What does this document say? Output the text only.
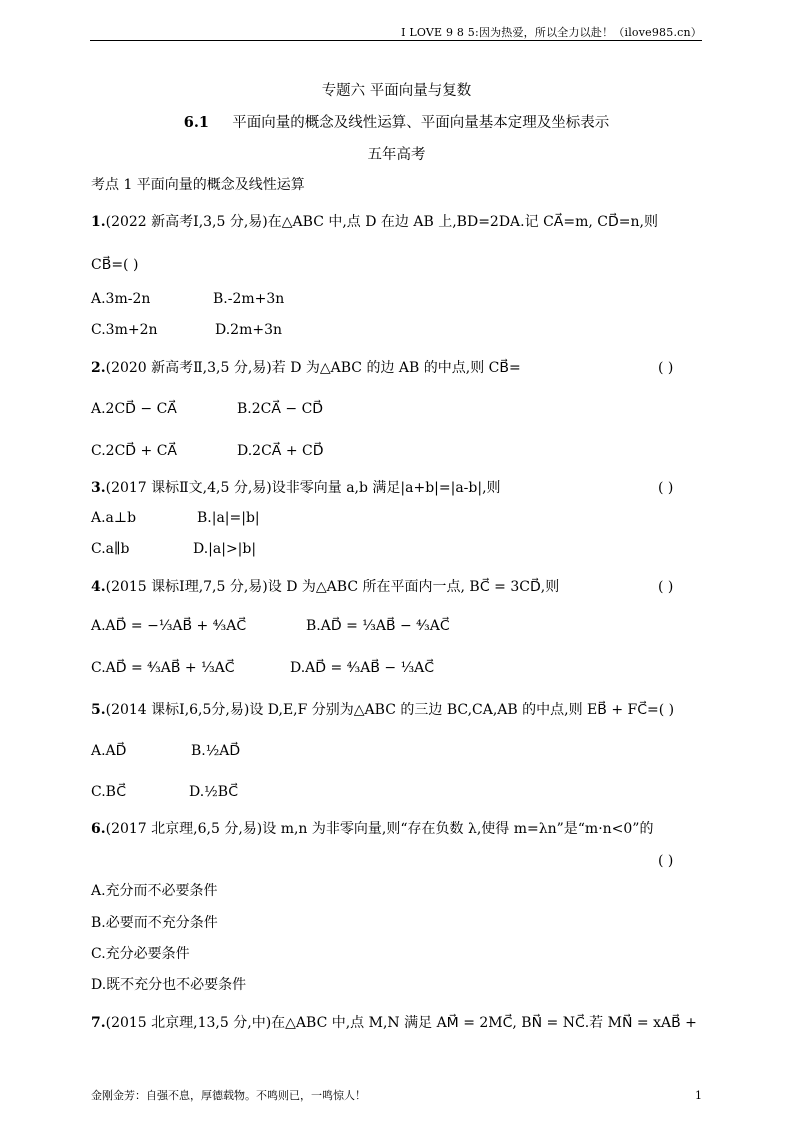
I LOVE 9 8 5:因为热爱，所以全力以赴！（ilove985.cn）
专题六 平面向量与复数
6.1 平面向量的概念及线性运算、平面向量基本定理及坐标表示
五年高考
考点 1 平面向量的概念及线性运算
1.(2022 新高考Ⅰ,3,5 分,易)在△ABC 中,点 D 在边 AB 上,BD=2DA.记 CA⃗=m, CD⃗=n,则
CB⃗=( )
A.3m-2n	B.-2m+3n
C.3m+2n	D.2m+3n
2.(2020 新高考Ⅱ,3,5 分,易)若 D 为△ABC 的边 AB 的中点,则 CB⃗=	( )
A.2CD⃗ − CA⃗	B.2CA⃗ − CD⃗
C.2CD⃗ + CA⃗	D.2CA⃗ + CD⃗
3.(2017 课标Ⅱ文,4,5 分,易)设非零向量 a,b 满足|a+b|=|a-b|,则	( )
A.a⊥b	B.|a|=|b|
C.a∥b	D.|a|>|b|
4.(2015 课标Ⅰ理,7,5 分,易)设 D 为△ABC 所在平面内一点, BC⃗ = 3CD⃗,则	( )
A.AD⃗ = −⅓AB⃗ + ⁴⁄₃AC⃗	B.AD⃗ = ⅓AB⃗ − ⁴⁄₃AC⃗
C.AD⃗ = ⁴⁄₃AB⃗ + ⅓AC⃗	D.AD⃗ = ⁴⁄₃AB⃗ − ⅓AC⃗
5.(2014 课标Ⅰ,6,5分,易)设 D,E,F 分别为△ABC 的三边 BC,CA,AB 的中点,则 EB⃗ + FC⃗=( )
A.AD⃗	B.½AD⃗
C.BC⃗	D.½BC⃗
6.(2017 北京理,6,5 分,易)设 m,n 为非零向量,则“存在负数 λ,使得 m=λn”是“m·n<0”的
( )
A.充分而不必要条件
B.必要而不充分条件
C.充分必要条件
D.既不充分也不必要条件
7.(2015 北京理,13,5 分,中)在△ABC 中,点 M,N 满足 AM⃗ = 2MC⃗, BN⃗ = NC⃗.若 MN⃗ = xAB⃗ +
金刚金芳：自强不息，厚德载物。不鸣则已，一鸣惊人！	1
